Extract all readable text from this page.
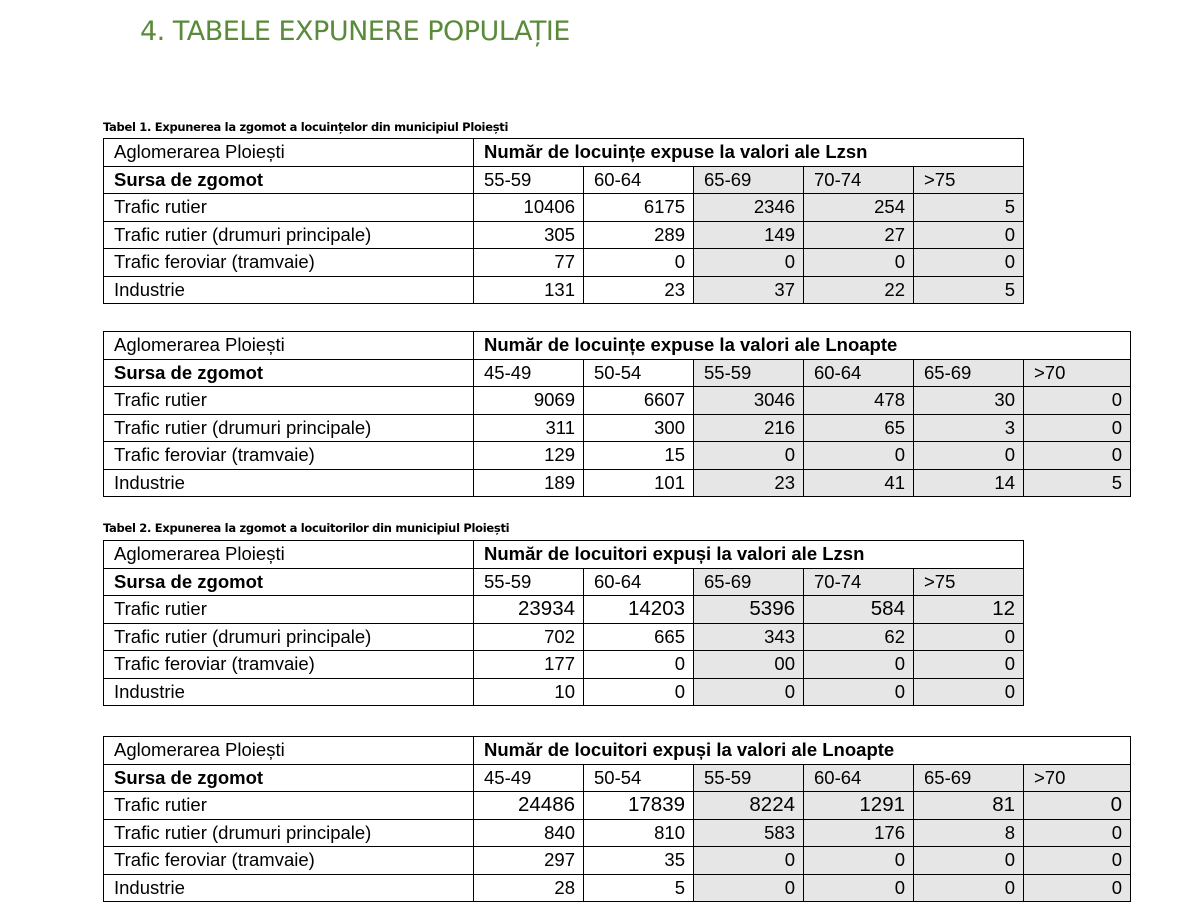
4. TABELE EXPUNERE POPULAȚIE

Tabel 1. Expunerea la zgomot a locuințelor din municipiul Ploiești

Aglomerarea Ploiești	Număr de locuințe expuse la valori ale Lzsn				
Sursa de zgomot	55-59	60-64	65-69	70-74	>75
Trafic rutier	10406	6175	2346	254	5
Trafic rutier (drumuri principale)	305	289	149	27	0
Trafic feroviar (tramvaie)	77	0	0	0	0
Industrie	131	23	37	22	5
Aglomerarea Ploiești	Număr de locuințe expuse la valori ale Lnoapte					
Sursa de zgomot	45-49	50-54	55-59	60-64	65-69	>70
Trafic rutier	9069	6607	3046	478	30	0
Trafic rutier (drumuri principale)	311	300	216	65	3	0
Trafic feroviar (tramvaie)	129	15	0	0	0	0
Industrie	189	101	23	41	14	5

Tabel 2. Expunerea la zgomot a locuitorilor din municipiul Ploiești

Aglomerarea Ploiești	Număr de locuitori expuși la valori ale Lzsn				
Sursa de zgomot	55-59	60-64	65-69	70-74	>75
Trafic rutier	23934	14203	5396	584	12
Trafic rutier (drumuri principale)	702	665	343	62	0
Trafic feroviar (tramvaie)	177	0	00	0	0
Industrie	10	0	0	0	0
Aglomerarea Ploiești	Număr de locuitori expuși la valori ale Lnoapte					
Sursa de zgomot	45-49	50-54	55-59	60-64	65-69	>70
Trafic rutier	24486	17839	8224	1291	81	0
Trafic rutier (drumuri principale)	840	810	583	176	8	0
Trafic feroviar (tramvaie)	297	35	0	0	0	0
Industrie	28	5	0	0	0	0
